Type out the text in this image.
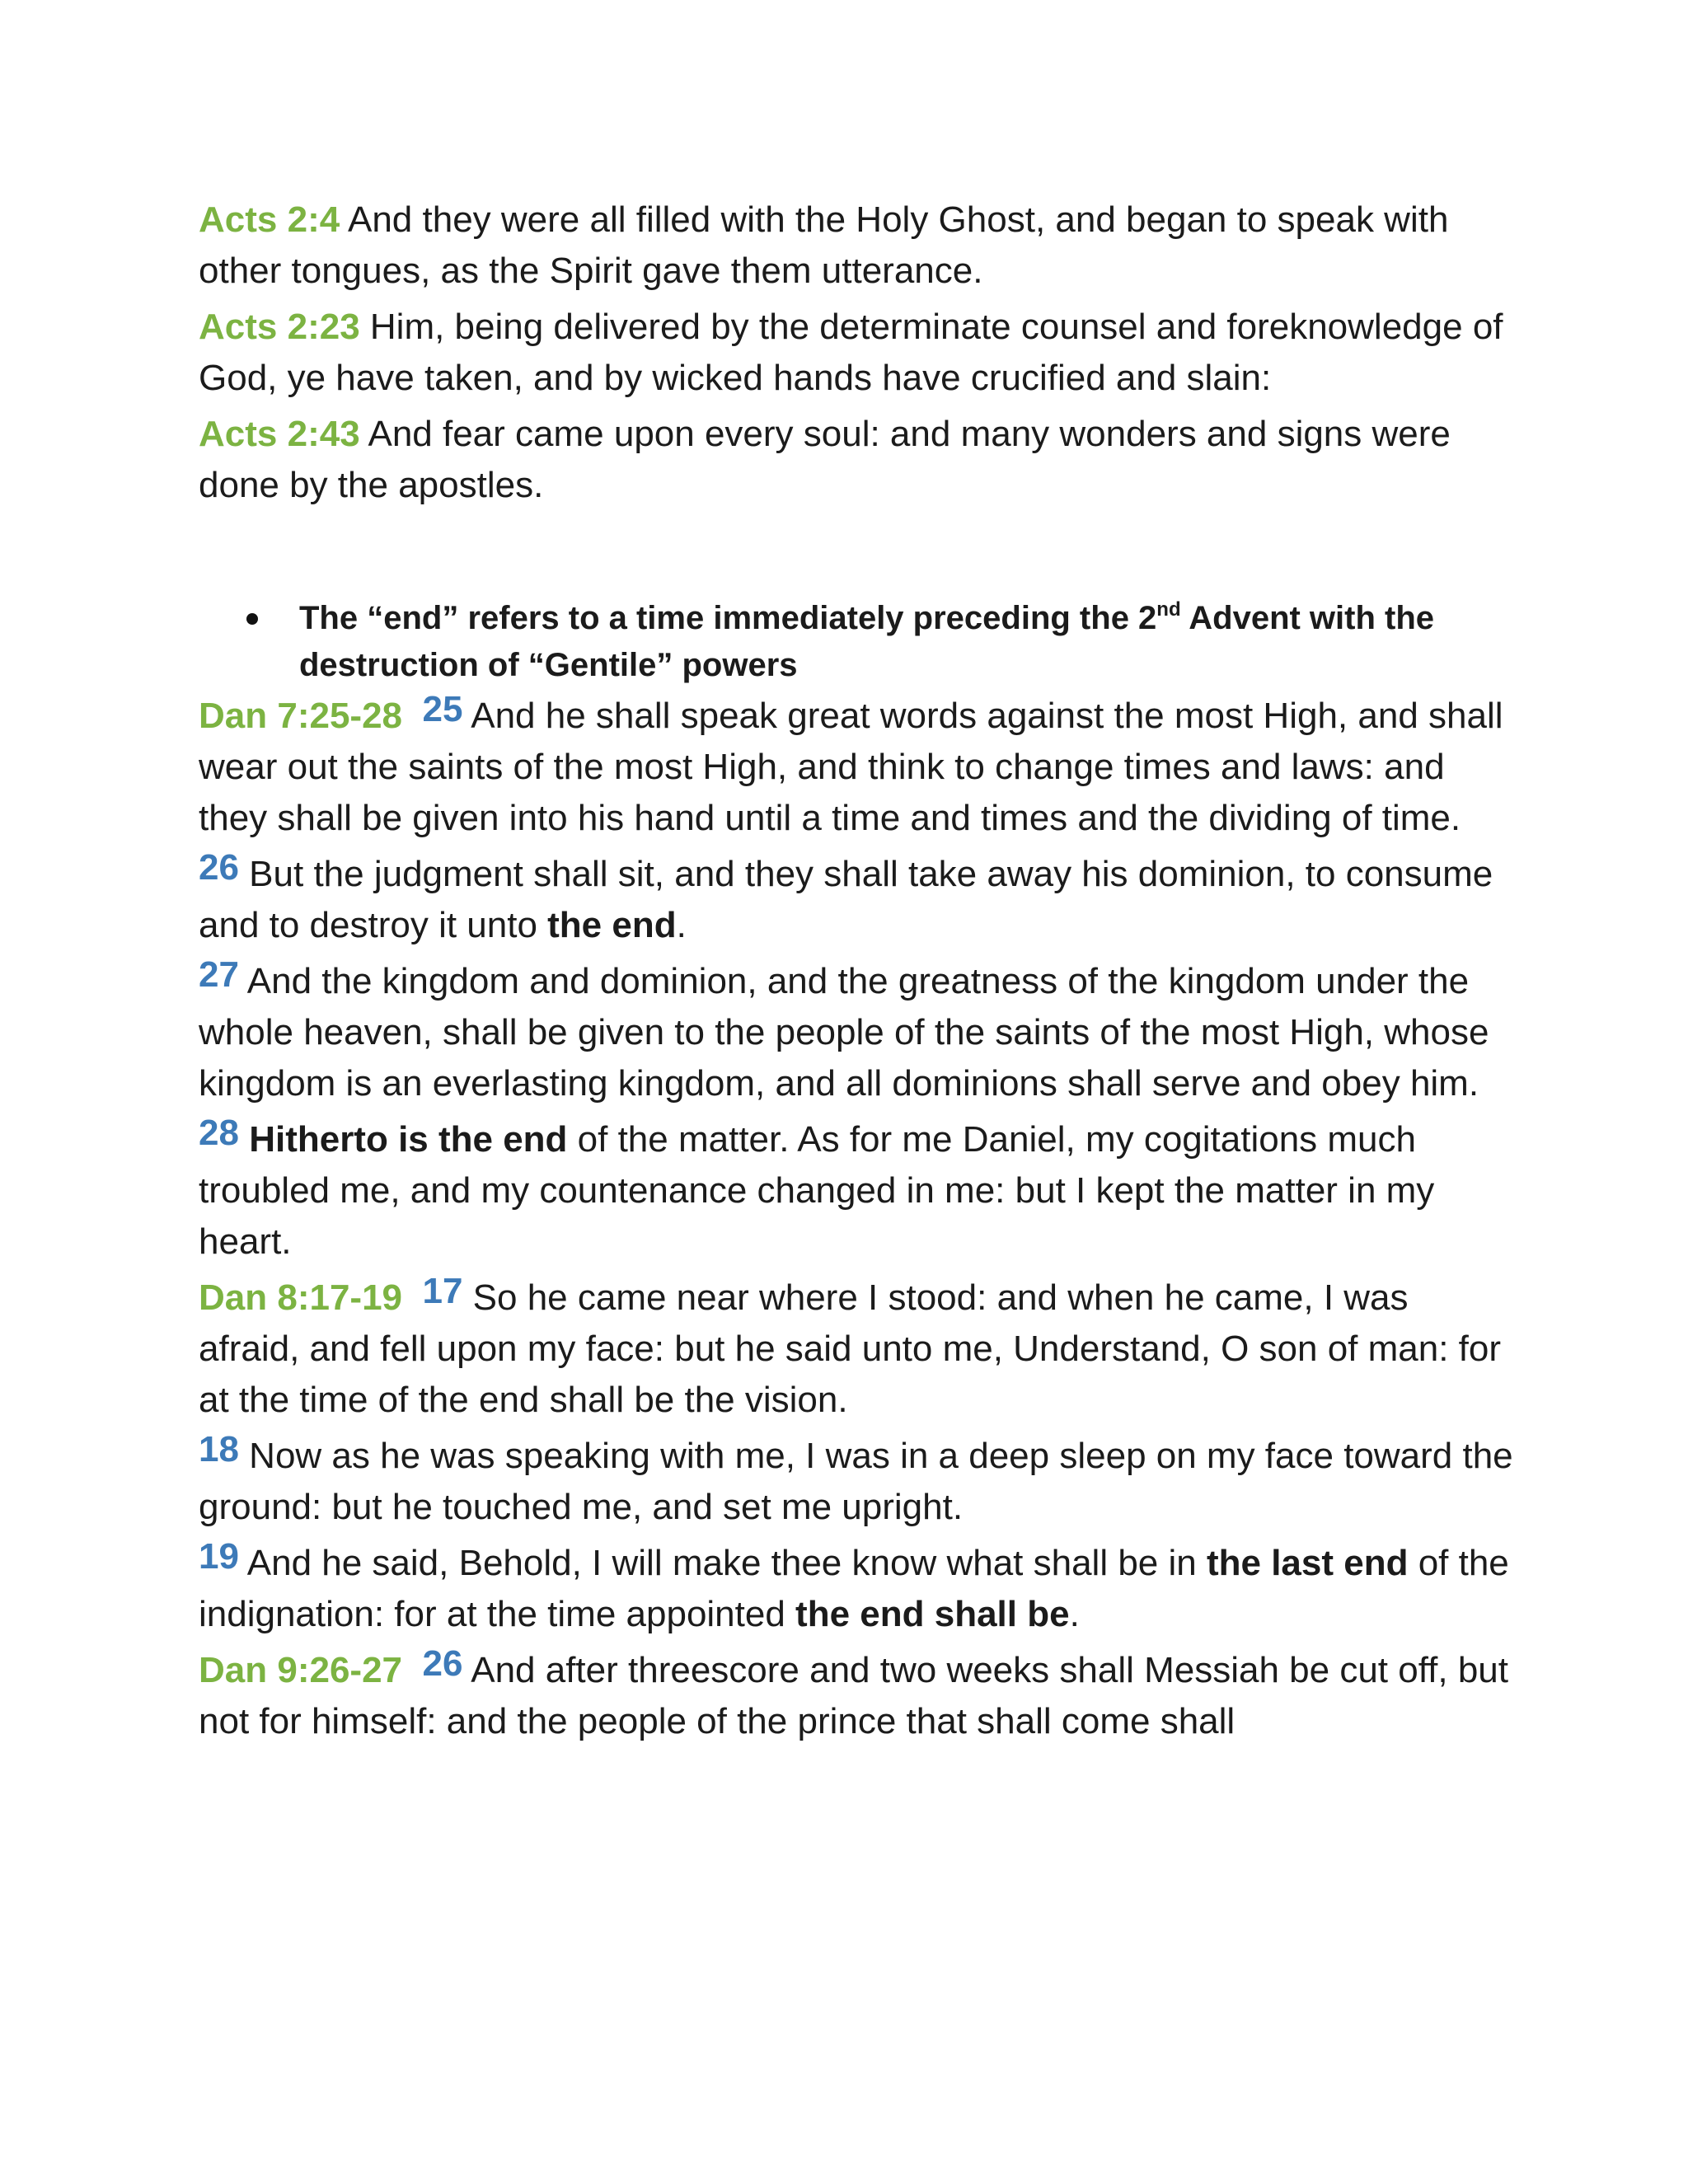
Acts 2:4 And they were all filled with the Holy Ghost, and began to speak with other tongues, as the Spirit gave them utterance.

Acts 2:23 Him, being delivered by the determinate counsel and foreknowledge of God, ye have taken, and by wicked hands have crucified and slain:

Acts 2:43 And fear came upon every soul: and many wonders and signs were done by the apostles.

The “end” refers to a time immediately preceding the 2nd Advent with the destruction of “Gentile” powers

Dan 7:25-28 25 And he shall speak great words against the most High, and shall wear out the saints of the most High, and think to change times and laws: and they shall be given into his hand until a time and times and the dividing of time.

26 But the judgment shall sit, and they shall take away his dominion, to consume and to destroy it unto the end.

27 And the kingdom and dominion, and the greatness of the kingdom under the whole heaven, shall be given to the people of the saints of the most High, whose kingdom is an everlasting kingdom, and all dominions shall serve and obey him.

28 Hitherto is the end of the matter. As for me Daniel, my cogitations much troubled me, and my countenance changed in me: but I kept the matter in my heart.

Dan 8:17-19 17 So he came near where I stood: and when he came, I was afraid, and fell upon my face: but he said unto me, Understand, O son of man: for at the time of the end shall be the vision.

18 Now as he was speaking with me, I was in a deep sleep on my face toward the ground: but he touched me, and set me upright.

19 And he said, Behold, I will make thee know what shall be in the last end of the indignation: for at the time appointed the end shall be.

Dan 9:26-27 26 And after threescore and two weeks shall Messiah be cut off, but not for himself: and the people of the prince that shall come shall
